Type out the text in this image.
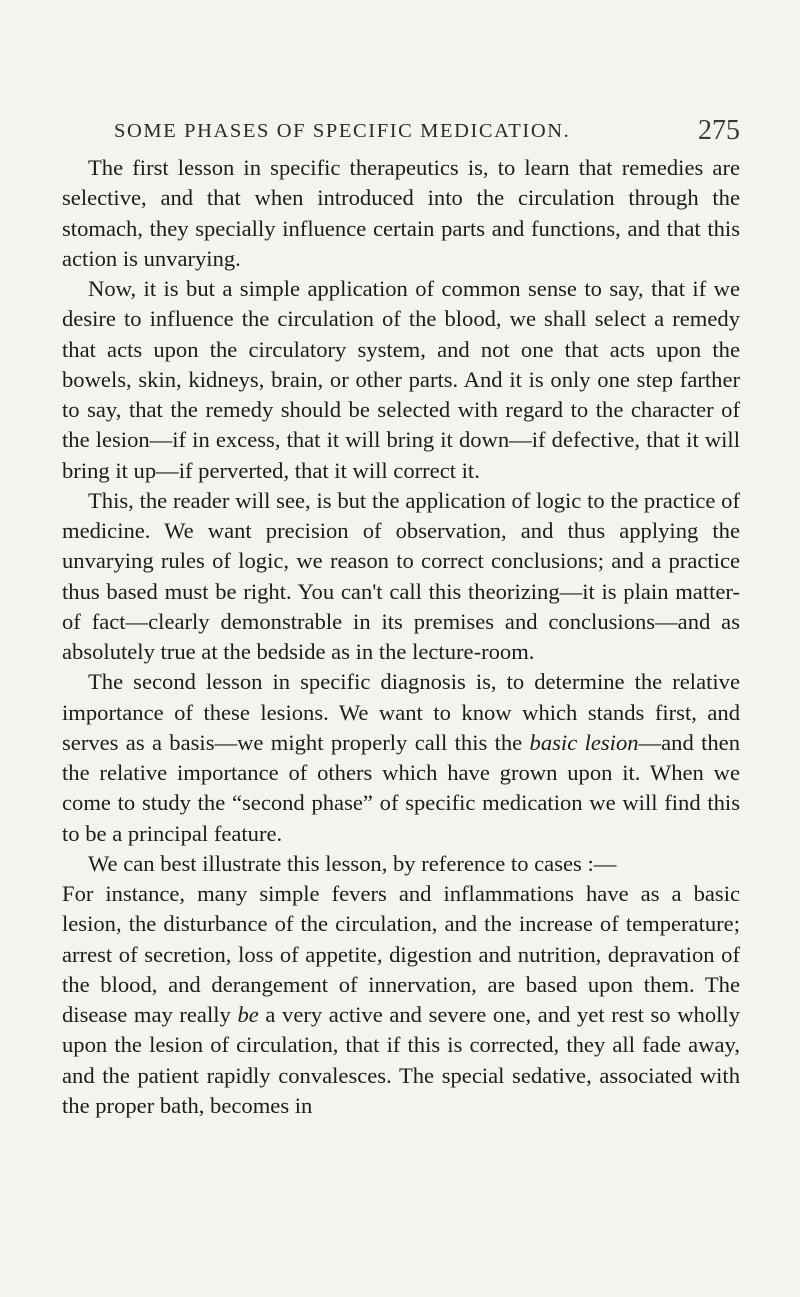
SOME PHASES OF SPECIFIC MEDICATION.	275

The first lesson in specific therapeutics is, to learn that remedies are selective, and that when introduced into the circulation through the stomach, they specially influence certain parts and functions, and that this action is unvarying.

Now, it is but a simple application of common sense to say, that if we desire to influence the circulation of the blood, we shall select a remedy that acts upon the circulatory system, and not one that acts upon the bowels, skin, kidneys, brain, or other parts. And it is only one step farther to say, that the remedy should be selected with regard to the character of the lesion—if in excess, that it will bring it down—if defective, that it will bring it up—if perverted, that it will correct it.

This, the reader will see, is but the application of logic to the practice of medicine. We want precision of observation, and thus applying the unvarying rules of logic, we reason to correct conclusions; and a practice thus based must be right. You can't call this theorizing—it is plain matter-of fact—clearly demonstrable in its premises and conclusions—and as absolutely true at the bedside as in the lecture-room.

The second lesson in specific diagnosis is, to determine the relative importance of these lesions. We want to know which stands first, and serves as a basis—we might properly call this the basic lesion—and then the relative importance of others which have grown upon it. When we come to study the “second phase” of specific medication we will find this to be a principal feature.

We can best illustrate this lesson, by reference to cases :—

For instance, many simple fevers and inflammations have as a basic lesion, the disturbance of the circulation, and the increase of temperature; arrest of secretion, loss of appetite, digestion and nutrition, depravation of the blood, and derangement of innervation, are based upon them. The disease may really be a very active and severe one, and yet rest so wholly upon the lesion of circulation, that if this is corrected, they all fade away, and the patient rapidly convalesces. The special sedative, associated with the proper bath, becomes in
